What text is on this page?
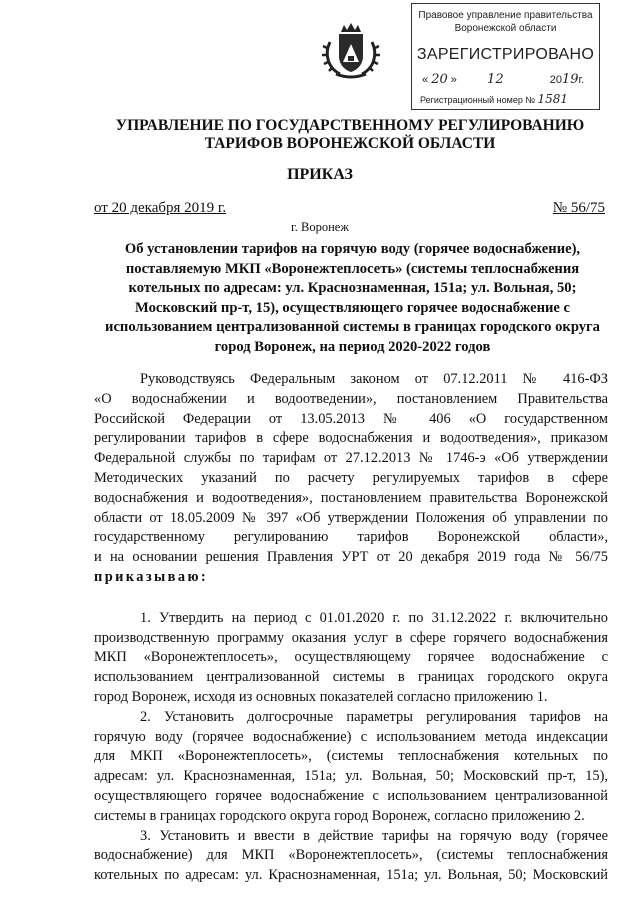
Правовое управление правительства
Воронежской области
ЗАРЕГИСТРИРОВАНО
« 20 » 12	2019г.
Регистрационный номер № 1581
УПРАВЛЕНИЕ ПО ГОСУДАРСТВЕННОМУ РЕГУЛИРОВАНИЮ
ТАРИФОВ ВОРОНЕЖСКОЙ ОБЛАСТИ
ПРИКАЗ
от 20 декабря 2019 г.	№ 56/75
г. Воронеж
Об установлении тарифов на горячую воду (горячее водоснабжение),
поставляемую МКП «Воронежтеплосеть» (системы теплоснабжения
котельных по адресам: ул. Краснознаменная, 151а; ул. Вольная, 50;
Московский пр-т, 15), осуществляющего горячее водоснабжение с
использованием централизованной системы в границах городского округа
город Воронеж, на период 2020-2022 годов
Руководствуясь Федеральным законом от 07.12.2011 № 416-ФЗ
«О водоснабжении и водоотведении», постановлением Правительства
Российской Федерации от 13.05.2013 № 406 «О государственном
регулировании тарифов в сфере водоснабжения и водоотведения», приказом
Федеральной службы по тарифам от 27.12.2013 № 1746-э «Об утверждении
Методических указаний по расчету регулируемых тарифов в сфере
водоснабжения и водоотведения», постановлением правительства Воронежской
области от 18.05.2009 № 397 «Об утверждении Положения об управлении по
государственному регулированию тарифов Воронежской области»,
и на основании решения Правления УРТ от 20 декабря 2019 года № 56/75
приказываю:
1. Утвердить на период с 01.01.2020 г. по 31.12.2022 г. включительно
производственную программу оказания услуг в сфере горячего водоснабжения
МКП «Воронежтеплосеть», осуществляющему горячее водоснабжение с
использованием централизованной системы в границах городского округа
город Воронеж, исходя из основных показателей согласно приложению 1.
2. Установить долгосрочные параметры регулирования тарифов на
горячую воду (горячее водоснабжение) с использованием метода индексации
для МКП «Воронежтеплосеть», (системы теплоснабжения котельных по
адресам: ул. Краснознаменная, 151а; ул. Вольная, 50; Московский пр-т, 15),
осуществляющего горячее водоснабжение с использованием централизованной
системы в границах городского округа город Воронеж, согласно приложению 2.
3. Установить и ввести в действие тарифы на горячую воду (горячее
водоснабжение) для МКП «Воронежтеплосеть», (системы теплоснабжения
котельных по адресам: ул. Краснознаменная, 151а; ул. Вольная, 50; Московский
